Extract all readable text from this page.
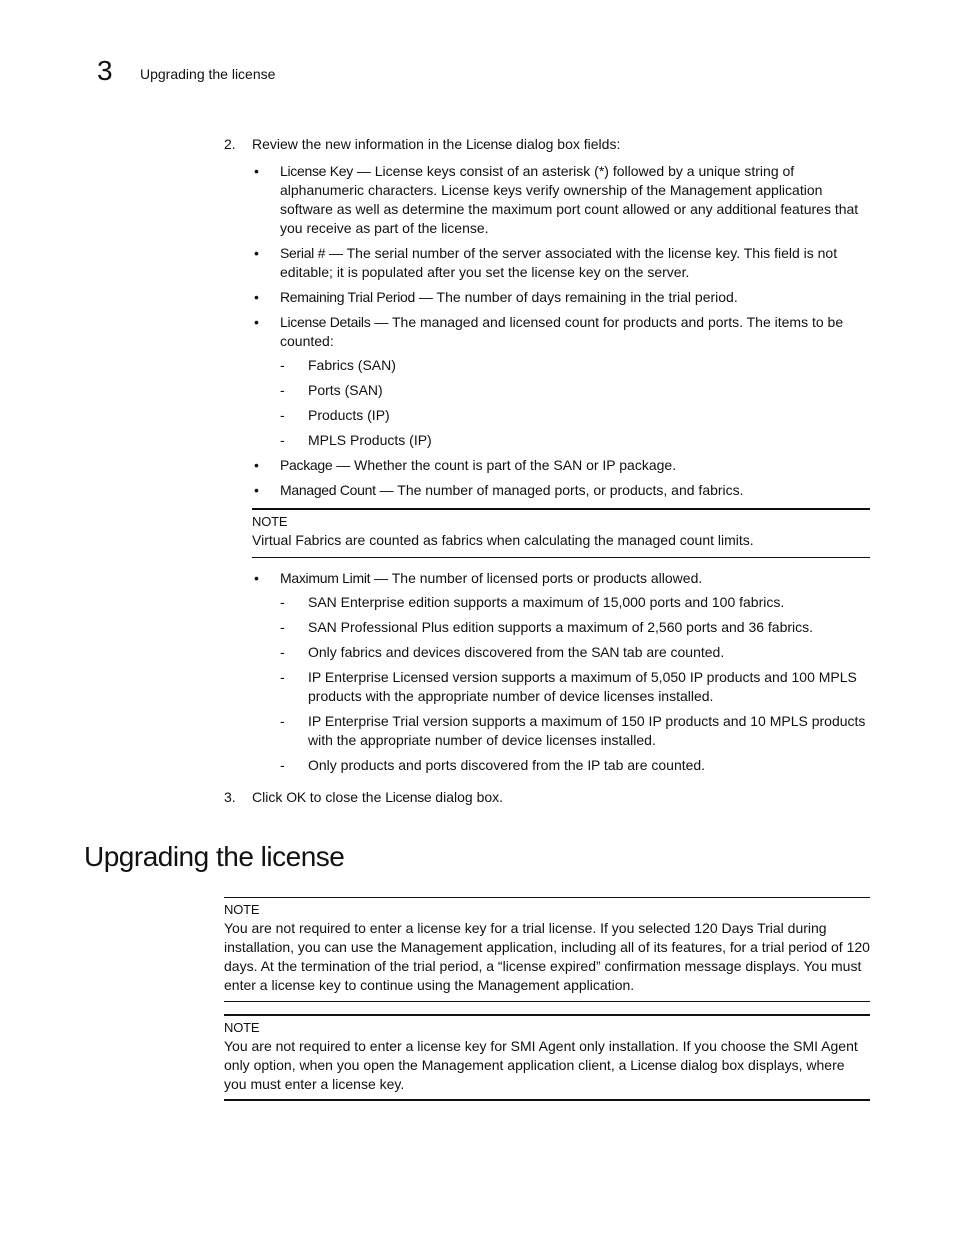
3 Upgrading the license

2. Review the new information in the License dialog box fields:

• License Key — License keys consist of an asterisk (*) followed by a unique string of alphanumeric characters. License keys verify ownership of the Management application software as well as determine the maximum port count allowed or any additional features that you receive as part of the license.
• Serial # — The serial number of the server associated with the license key. This field is not editable; it is populated after you set the license key on the server.
• Remaining Trial Period — The number of days remaining in the trial period.
• License Details — The managed and licensed count for products and ports. The items to be counted:
- Fabrics (SAN)
- Ports (SAN)
- Products (IP)
- MPLS Products (IP)
• Package — Whether the count is part of the SAN or IP package.
• Managed Count — The number of managed ports, or products, and fabrics.
NOTE
Virtual Fabrics are counted as fabrics when calculating the managed count limits.
• Maximum Limit — The number of licensed ports or products allowed.
- SAN Enterprise edition supports a maximum of 15,000 ports and 100 fabrics.
- SAN Professional Plus edition supports a maximum of 2,560 ports and 36 fabrics.
- Only fabrics and devices discovered from the SAN tab are counted.
- IP Enterprise Licensed version supports a maximum of 5,050 IP products and 100 MPLS products with the appropriate number of device licenses installed.
- IP Enterprise Trial version supports a maximum of 150 IP products and 10 MPLS products with the appropriate number of device licenses installed.
- Only products and ports discovered from the IP tab are counted.

3. Click OK to close the License dialog box.

Upgrading the license
NOTE
You are not required to enter a license key for a trial license. If you selected 120 Days Trial during installation, you can use the Management application, including all of its features, for a trial period of 120 days. At the termination of the trial period, a “license expired” confirmation message displays. You must enter a license key to continue using the Management application.
NOTE
You are not required to enter a license key for SMI Agent only installation. If you choose the SMI Agent only option, when you open the Management application client, a License dialog box displays, where you must enter a license key.
